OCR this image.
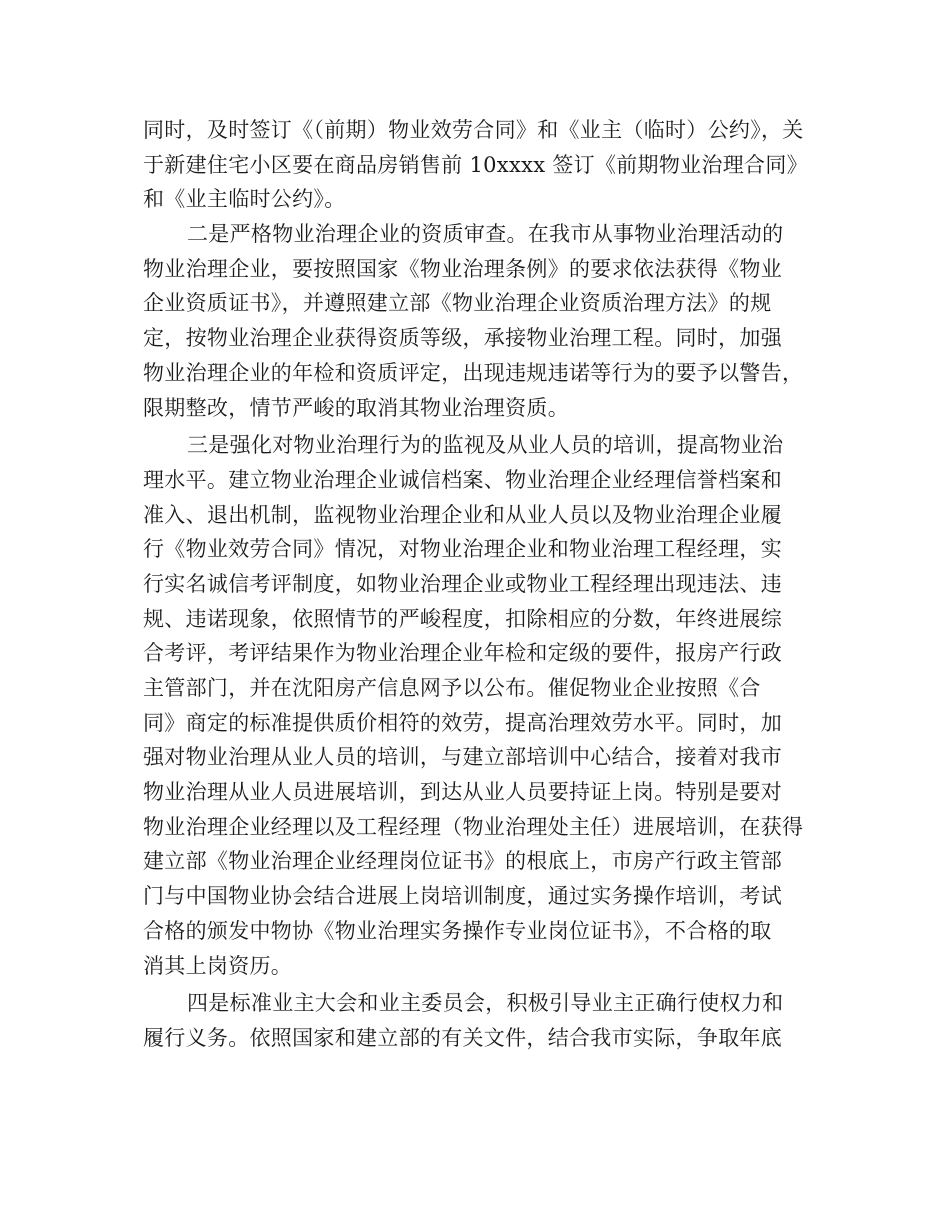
同时，及时签订《（前期）物业效劳合同》和《业主（临时）公约》，关
于新建住宅小区要在商品房销售前 10xxxx 签订《前期物业治理合同》
和《业主临时公约》。
二是严格物业治理企业的资质审查。在我市从事物业治理活动的
物业治理企业，要按照国家《物业治理条例》的要求依法获得《物业
企业资质证书》，并遵照建立部《物业治理企业资质治理方法》的规
定，按物业治理企业获得资质等级，承接物业治理工程。同时，加强
物业治理企业的年检和资质评定，出现违规违诺等行为的要予以警告，
限期整改，情节严峻的取消其物业治理资质。
三是强化对物业治理行为的监视及从业人员的培训，提高物业治
理水平。建立物业治理企业诚信档案、物业治理企业经理信誉档案和
准入、退出机制，监视物业治理企业和从业人员以及物业治理企业履
行《物业效劳合同》情况，对物业治理企业和物业治理工程经理，实
行实名诚信考评制度，如物业治理企业或物业工程经理出现违法、违
规、违诺现象，依照情节的严峻程度，扣除相应的分数，年终进展综
合考评，考评结果作为物业治理企业年检和定级的要件，报房产行政
主管部门，并在沈阳房产信息网予以公布。催促物业企业按照《合
同》商定的标准提供质价相符的效劳，提高治理效劳水平。同时，加
强对物业治理从业人员的培训，与建立部培训中心结合，接着对我市
物业治理从业人员进展培训，到达从业人员要持证上岗。特别是要对
物业治理企业经理以及工程经理（物业治理处主任）进展培训，在获得
建立部《物业治理企业经理岗位证书》的根底上，市房产行政主管部
门与中国物业协会结合进展上岗培训制度，通过实务操作培训，考试
合格的颁发中物协《物业治理实务操作专业岗位证书》，不合格的取
消其上岗资历。
四是标准业主大会和业主委员会，积极引导业主正确行使权力和
履行义务。依照国家和建立部的有关文件，结合我市实际，争取年底
